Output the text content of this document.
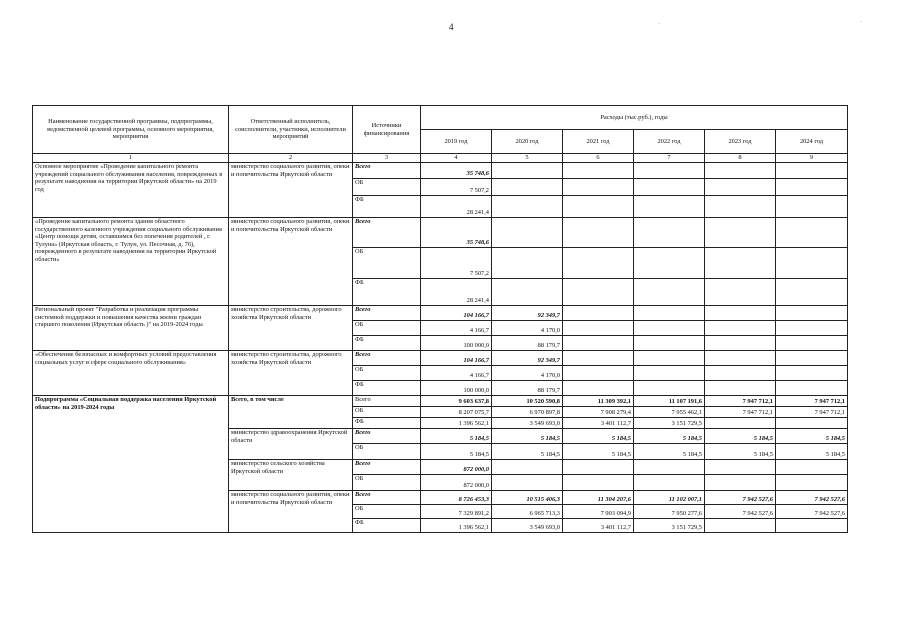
4	·	·
Наименование государственной программы, подпрограммы, ведомственной целевой программы, основного мероприятия, мероприятия	Ответственный исполнитель, соисполнители, участники, исполнители мероприятий	Источники финансирования	Расходы (тыс.руб.), годы					
			2019 год	2020 год	2021 год	2022 год	2023 год	2024 год
1	2	3	4	5	6	7	8	9
Основное мероприятие «Проведение капитального ремонта учреждений социального обслуживания населения, поврежденных в результате наводнения на территории Иркутской области» на 2019 год	министерство социального развития, опеки и попечительства Иркутской области	Всего	35 748,6					
		ОБ	7 507,2					
		ФБ	28 241,4					
«Проведение капитального ремонта здания областного государственного казенного учреждения социального обслуживания «Центр помощи детям, оставшимся без попечения родителей , г. Тулуна» (Иркутская область, г. Тулун, ул. Песочная, д. 76), поврежденного в результате наводнения на территории Иркутской области»	министерство социального развития, опеки и попечительства Иркутской области	Всего	35 748,6					
		ОБ	7 507,2					
		ФБ	28 241,4					
Региональный проект "Разработка и реализация программы системной поддержки и повышения качества жизни граждан старшего поколения (Иркутская область )" на 2019-2024 годы	министерство строительства, дорожного хозяйства Иркутской области	Всего	104 166,7	92 349,7				
		ОБ	4 166,7	4 170,0				
		ФБ	100 000,0	88 179,7				
«Обеспечение безопасных и комфортных условий предоставления социальных услуг в сфере социального обслуживания»	министерство строительства, дорожного хозяйства Иркутской области	Всего	104 166,7	92 349,7				
		ОБ	4 166,7	4 170,0				
		ФБ	100 000,0	88 179,7				
Подпрограмма «Социальная поддержка населения Иркутской области» на 2019-2024 годы	Всего, в том числе	Всего	9 603 637,8	10 520 590,8	11 309 392,1	11 107 191,6	7 947 712,1	7 947 712,1
		ОБ	8 207 075,7	6 970 897,8	7 908 279,4	7 955 462,1	7 947 712,1	7 947 712,1
		ФБ	1 396 562,1	3 549 693,0	3 401 112,7	3 151 729,5		
	министерство здравоохранения Иркутской области	Всего	5 184,5	5 184,5	5 184,5	5 184,5	5 184,5	5 184,5
		ОБ	5 184,5	5 184,5	5 184,5	5 184,5	5 184,5	5 184,5
	министерство сельского хозяйства Иркутской области	Всего	872 000,0					
		ОБ	872 000,0					
	министерство социального развития, опеки и попечительства Иркутской области	Всего	8 726 453,3	10 515 406,3	11 304 207,6	11 102 007,1	7 942 527,6	7 942 527,6
		ОБ	7 329 891,2	6 965 713,3	7 903 094,9	7 950 277,6	7 942 527,6	7 942 527,6
		ФБ	1 396 562,1	3 549 693,0	3 401 112,7	3 151 729,5		
